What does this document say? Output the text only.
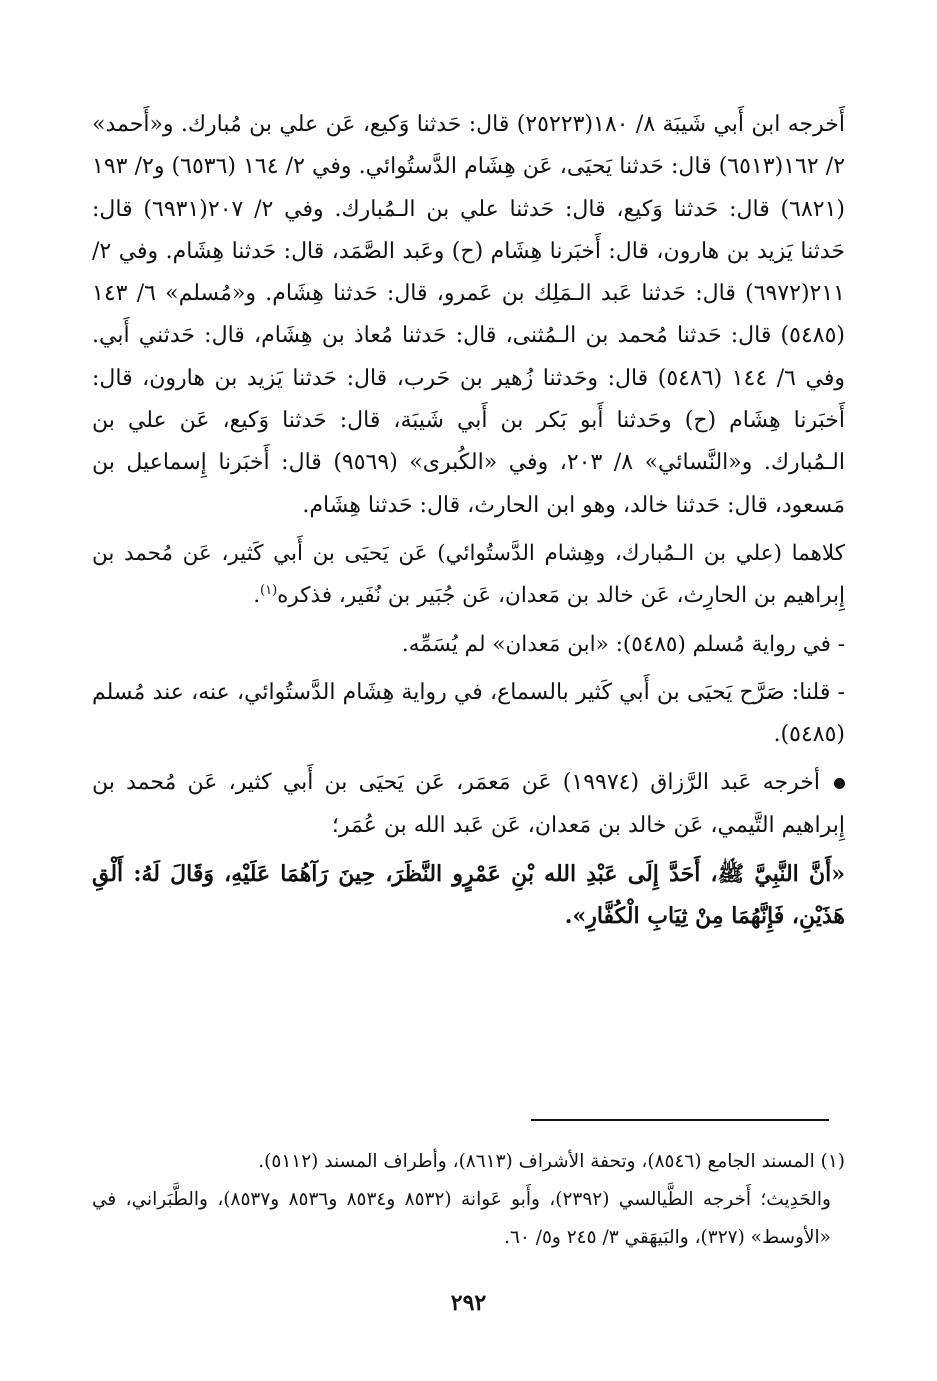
أَخرجه ابن أَبي شَيبَة ٨/ ١٨٠(٢٥٢٢٣) قال: حَدثنا وَكيع، عَن علي بن مُبارك. و«أَحمد» ٢/ ١٦٢(٦٥١٣) قال: حَدثنا يَحيَى، عَن هِشَام الدَّستُوائي. وفي ٢/ ١٦٤ (٦٥٣٦) و٢/ ١٩٣ (٦٨٢١) قال: حَدثنا وَكيع، قال: حَدثنا علي بن الـمُبارك. وفي ٢/ ٢٠٧(٦٩٣١) قال: حَدثنا يَزيد بن هارون، قال: أَخبَرنا هِشَام (ح) وعَبد الصَّمَد، قال: حَدثنا هِشَام. وفي ٢/ ٢١١(٦٩٧٢) قال: حَدثنا عَبد الـمَلِك بن عَمرو، قال: حَدثنا هِشَام. و«مُسلم» ٦/ ١٤٣ (٥٤٨٥) قال: حَدثنا مُحمد بن الـمُثنى، قال: حَدثنا مُعاذ بن هِشَام، قال: حَدثني أَبي. وفي ٦/ ١٤٤ (٥٤٨٦) قال: وحَدثنا زُهير بن حَرب، قال: حَدثنا يَزيد بن هارون، قال: أَخبَرنا هِشَام (ح) وحَدثنا أَبو بَكر بن أَبي شَيبَة، قال: حَدثنا وَكيع، عَن علي بن الـمُبارك. و«النَّسائي» ٨/ ٢٠٣، وفي «الكُبرى» (٩٥٦٩) قال: أَخبَرنا إِسماعيل بن مَسعود، قال: حَدثنا خالد، وهو ابن الحارث، قال: حَدثنا هِشَام.

كلاهما (علي بن الـمُبارك، وهِشام الدَّستُوائي) عَن يَحيَى بن أَبي كَثير، عَن مُحمد بن إِبراهيم بن الحارِث، عَن خالد بن مَعدان، عَن جُبَير بن نُفَير، فذكره$^{(١)}$.

- في رواية مُسلم (٥٤٨٥): «ابن مَعدان» لم يُسَمِّه.

- قلنا: صَرَّح يَحيَى بن أَبي كَثير بالسماع، في رواية هِشَام الدَّستُوائي، عنه، عند مُسلم (٥٤٨٥).

أخرجه عَبد الرَّزاق (١٩٩٧٤) عَن مَعمَر، عَن يَحيَى بن أَبي كثير، عَن مُحمد بن إِبراهيم التَّيمي، عَن خالد بن مَعدان، عَن عَبد الله بن عُمَر؛

«أَنَّ النَّبِيَّ ﷺ، أَحَدَّ إِلَى عَبْدِ الله بْنِ عَمْرٍو النَّظَرَ، حِينَ رَآهُمَا عَلَيْهِ، وَقَالَ لَهُ: أَلْقِ هَذَيْنِ، فَإِنَّهُمَا مِنْ ثِيَابِ الْكُفَّارِ».

(١) المسند الجامع (٨٥٤٦)، وتحفة الأشراف (٨٦١٣)، وأطراف المسند (٥١١٢).

والحَدِيث؛ أَخرجه الطَّيالسي (٢٣٩٢)، وأَبو عَوانة (٨٥٣٢ و٨٥٣٤ و٨٥٣٦ و٨٥٣٧)، والطَّبَراني، في «الأوسط» (٣٢٧)، والبَيهَقي ٣/ ٢٤٥ و٥/ ٦٠.

٢٩٢
